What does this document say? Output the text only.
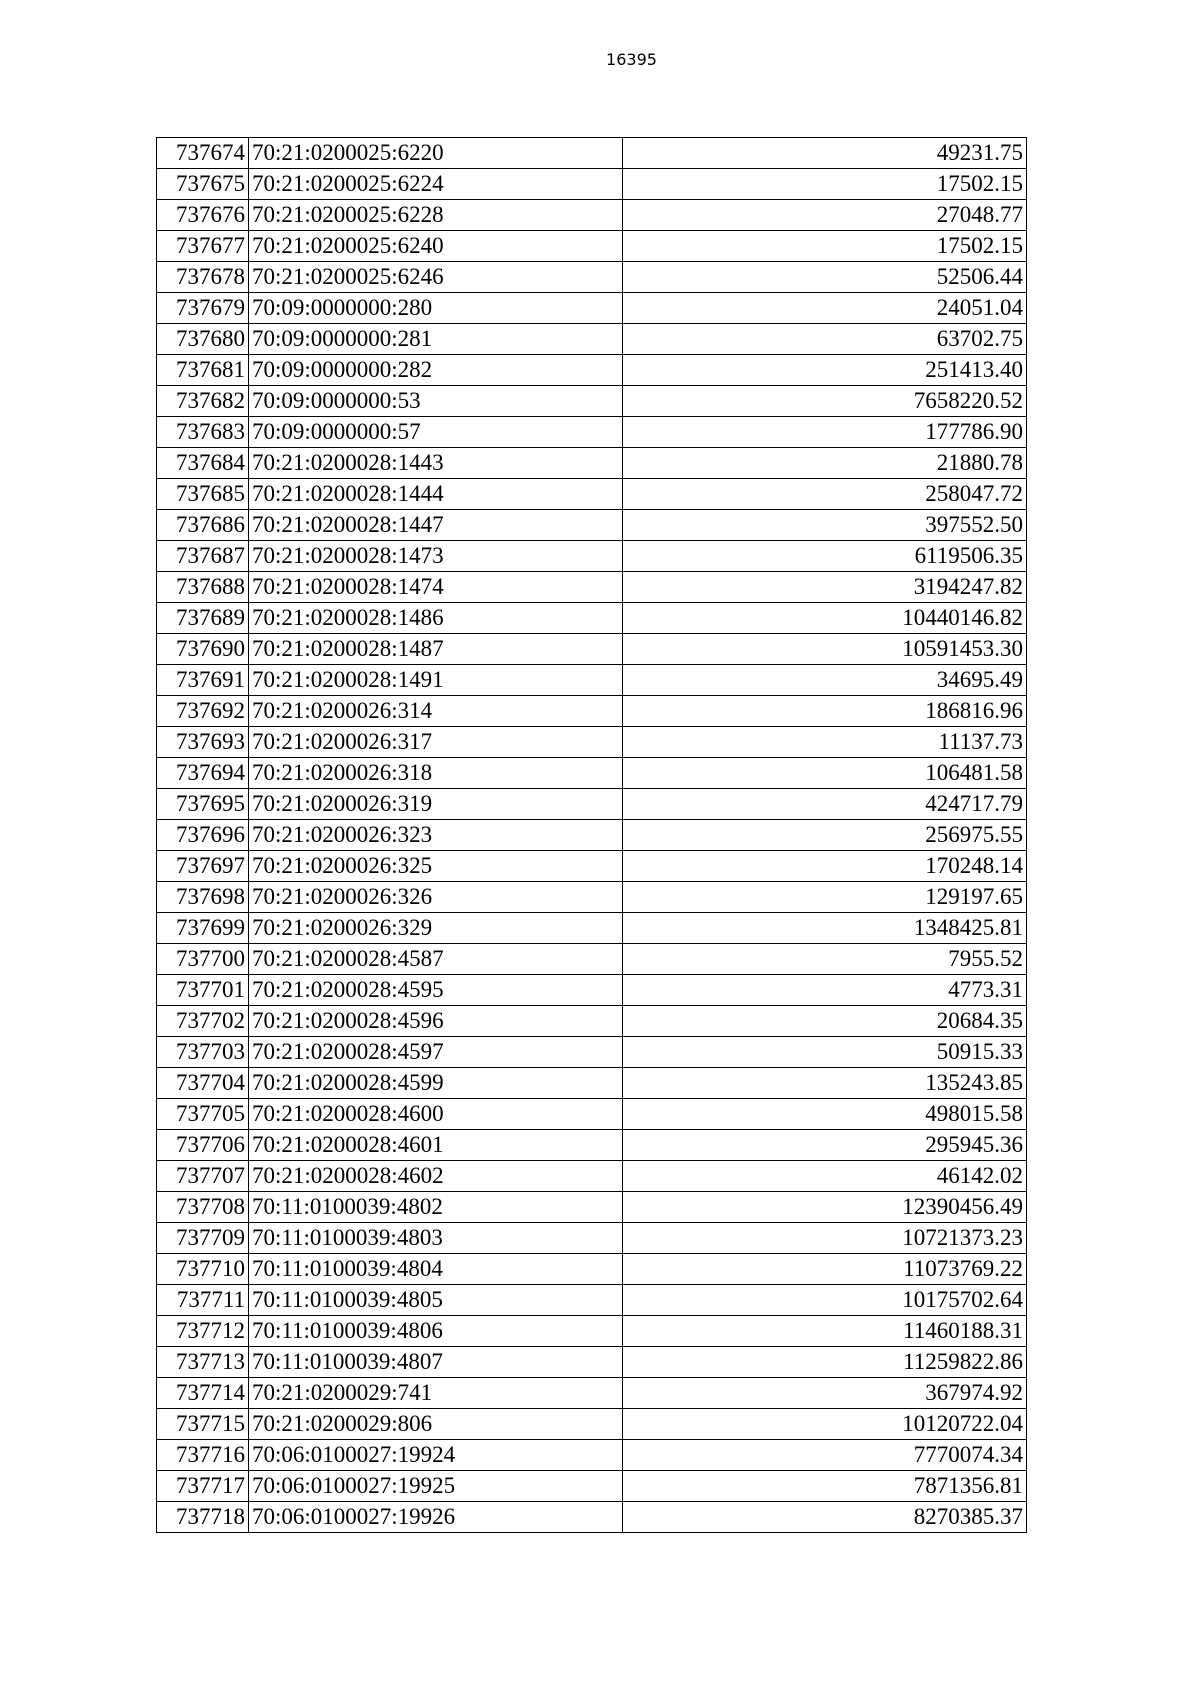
16395
737674	70:21:0200025:6220	49231.75
737675	70:21:0200025:6224	17502.15
737676	70:21:0200025:6228	27048.77
737677	70:21:0200025:6240	17502.15
737678	70:21:0200025:6246	52506.44
737679	70:09:0000000:280	24051.04
737680	70:09:0000000:281	63702.75
737681	70:09:0000000:282	251413.40
737682	70:09:0000000:53	7658220.52
737683	70:09:0000000:57	177786.90
737684	70:21:0200028:1443	21880.78
737685	70:21:0200028:1444	258047.72
737686	70:21:0200028:1447	397552.50
737687	70:21:0200028:1473	6119506.35
737688	70:21:0200028:1474	3194247.82
737689	70:21:0200028:1486	10440146.82
737690	70:21:0200028:1487	10591453.30
737691	70:21:0200028:1491	34695.49
737692	70:21:0200026:314	186816.96
737693	70:21:0200026:317	11137.73
737694	70:21:0200026:318	106481.58
737695	70:21:0200026:319	424717.79
737696	70:21:0200026:323	256975.55
737697	70:21:0200026:325	170248.14
737698	70:21:0200026:326	129197.65
737699	70:21:0200026:329	1348425.81
737700	70:21:0200028:4587	7955.52
737701	70:21:0200028:4595	4773.31
737702	70:21:0200028:4596	20684.35
737703	70:21:0200028:4597	50915.33
737704	70:21:0200028:4599	135243.85
737705	70:21:0200028:4600	498015.58
737706	70:21:0200028:4601	295945.36
737707	70:21:0200028:4602	46142.02
737708	70:11:0100039:4802	12390456.49
737709	70:11:0100039:4803	10721373.23
737710	70:11:0100039:4804	11073769.22
737711	70:11:0100039:4805	10175702.64
737712	70:11:0100039:4806	11460188.31
737713	70:11:0100039:4807	11259822.86
737714	70:21:0200029:741	367974.92
737715	70:21:0200029:806	10120722.04
737716	70:06:0100027:19924	7770074.34
737717	70:06:0100027:19925	7871356.81
737718	70:06:0100027:19926	8270385.37
